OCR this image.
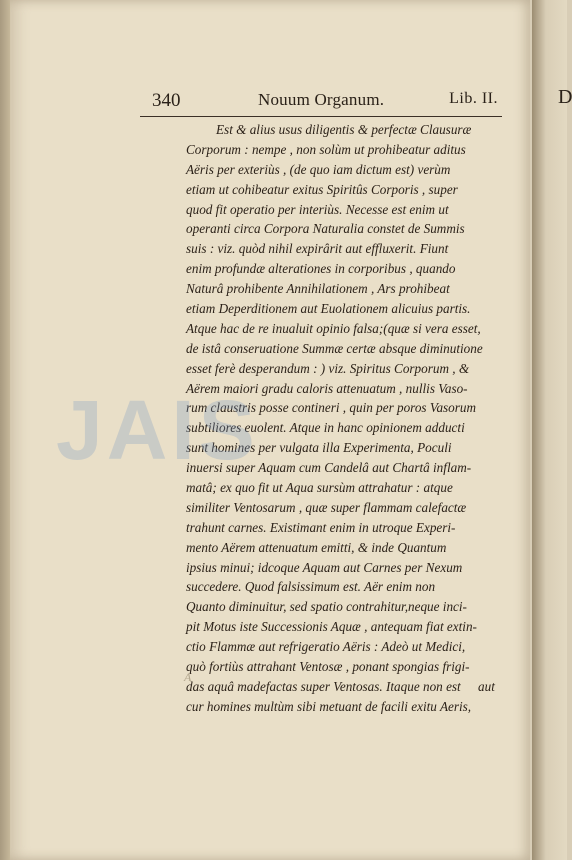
D
340	Nouum Organum.	Lib. II.
Est & alius usus diligentis & perfectæ Clausuræ
Corporum : nempe , non solùm ut prohibeatur aditus
Aëris per exteriùs , (de quo iam dictum est) verùm
etiam ut cohibeatur exitus Spiritûs Corporis , super
quod fit operatio per interiùs. Necesse est enim ut
operanti circa Corpora Naturalia constet de Summis
suis : viz. quòd nihil expirârit aut effluxerit. Fiunt
enim profundæ alterationes in corporibus , quando
Naturâ prohibente Annihilationem , Ars prohibeat
etiam Deperditionem aut Euolationem alicuius partis.
Atque hac de re inualuit opinio falsa;(quæ si vera esset,
de istâ conseruatione Summæ certæ absque diminutione
esset ferè desperandum : ) viz. Spiritus Corporum , &
Aërem maiori gradu caloris attenuatum , nullis Vaso-
rum claustris posse contineri , quin per poros Vasorum
subtiliores euolent. Atque in hanc opinionem adducti
sunt homines per vulgata illa Experimenta, Poculi
inuersi super Aquam cum Candelâ aut Chartâ inflam-
matâ; ex quo fit ut Aqua sursùm attrahatur : atque
similiter Ventosarum , quæ super flammam calefactæ
trahunt carnes. Existimant enim in utroque Experi-
mento Aërem attenuatum emitti, & inde Quantum
ipsius minui; idcoque Aquam aut Carnes per Nexum
succedere. Quod falsissimum est. Aër enim non
Quanto diminuitur, sed spatio contrahitur,neque inci-
pit Motus iste Successionis Aquæ , antequam fiat extin-
ctio Flammæ aut refrigeratio Aëris : Adeò ut Medici,
quò fortiùs attrahant Ventosæ , ponant spongias frigi-
das aquâ madefactas super Ventosas. Itaque non est
cur homines multùm sibi metuant de facili exitu Aeris,
aut
A
JAIS
